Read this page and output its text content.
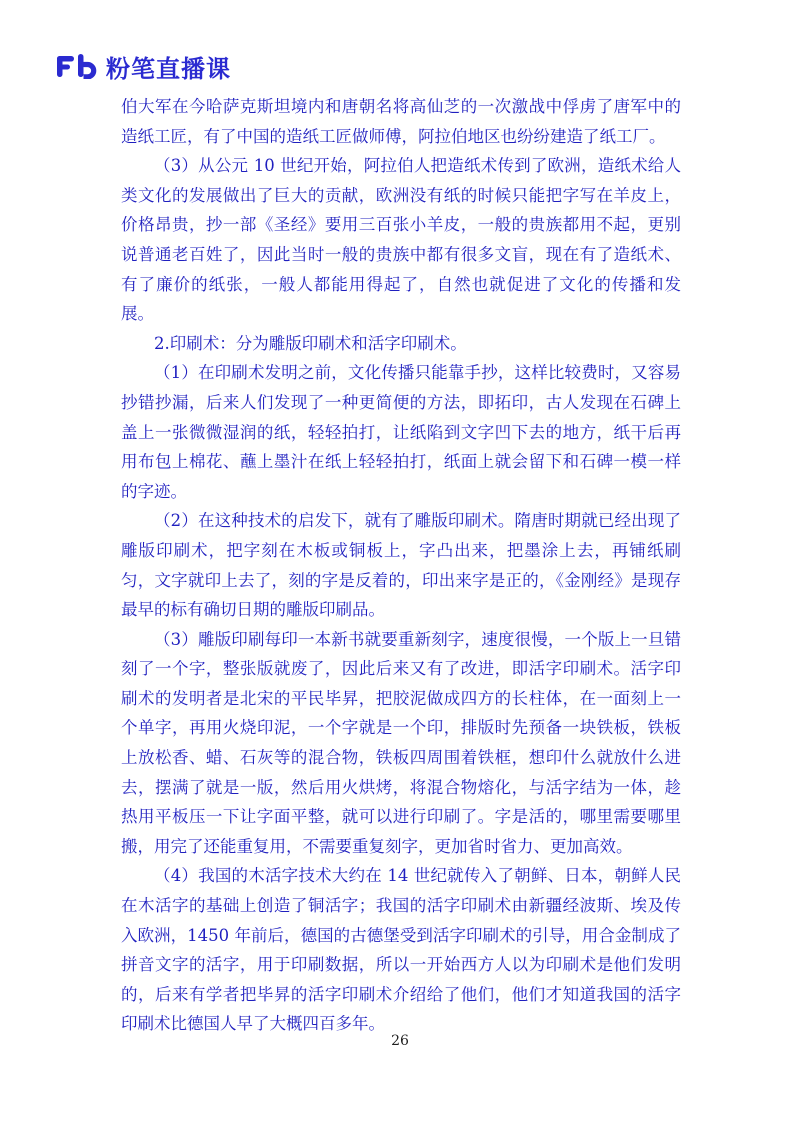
粉笔直播课

伯大军在今哈萨克斯坦境内和唐朝名将高仙芝的一次激战中俘虏了唐军中的造纸工匠，有了中国的造纸工匠做师傅，阿拉伯地区也纷纷建造了纸工厂。

（3）从公元 10 世纪开始，阿拉伯人把造纸术传到了欧洲，造纸术给人类文化的发展做出了巨大的贡献，欧洲没有纸的时候只能把字写在羊皮上，价格昂贵，抄一部《圣经》要用三百张小羊皮，一般的贵族都用不起，更别说普通老百姓了，因此当时一般的贵族中都有很多文盲，现在有了造纸术、有了廉价的纸张，一般人都能用得起了，自然也就促进了文化的传播和发展。

2.印刷术：分为雕版印刷术和活字印刷术。

（1）在印刷术发明之前，文化传播只能靠手抄，这样比较费时，又容易抄错抄漏，后来人们发现了一种更简便的方法，即拓印，古人发现在石碑上盖上一张微微湿润的纸，轻轻拍打，让纸陷到文字凹下去的地方，纸干后再用布包上棉花、蘸上墨汁在纸上轻轻拍打，纸面上就会留下和石碑一模一样的字迹。

（2）在这种技术的启发下，就有了雕版印刷术。隋唐时期就已经出现了雕版印刷术，把字刻在木板或铜板上，字凸出来，把墨涂上去，再铺纸刷匀，文字就印上去了，刻的字是反着的，印出来字是正的，《金刚经》是现存最早的标有确切日期的雕版印刷品。

（3）雕版印刷每印一本新书就要重新刻字，速度很慢，一个版上一旦错刻了一个字，整张版就废了，因此后来又有了改进，即活字印刷术。活字印刷术的发明者是北宋的平民毕昇，把胶泥做成四方的长柱体，在一面刻上一个单字，再用火烧印泥，一个字就是一个印，排版时先预备一块铁板，铁板上放松香、蜡、石灰等的混合物，铁板四周围着铁框，想印什么就放什么进去，摆满了就是一版，然后用火烘烤，将混合物熔化，与活字结为一体，趁热用平板压一下让字面平整，就可以进行印刷了。字是活的，哪里需要哪里搬，用完了还能重复用，不需要重复刻字，更加省时省力、更加高效。

（4）我国的木活字技术大约在 14 世纪就传入了朝鲜、日本，朝鲜人民在木活字的基础上创造了铜活字；我国的活字印刷术由新疆经波斯、埃及传入欧洲，1450 年前后，德国的古德堡受到活字印刷术的引导，用合金制成了拼音文字的活字，用于印刷数据，所以一开始西方人以为印刷术是他们发明的，后来有学者把毕昇的活字印刷术介绍给了他们，他们才知道我国的活字印刷术比德国人早了大概四百多年。

26
